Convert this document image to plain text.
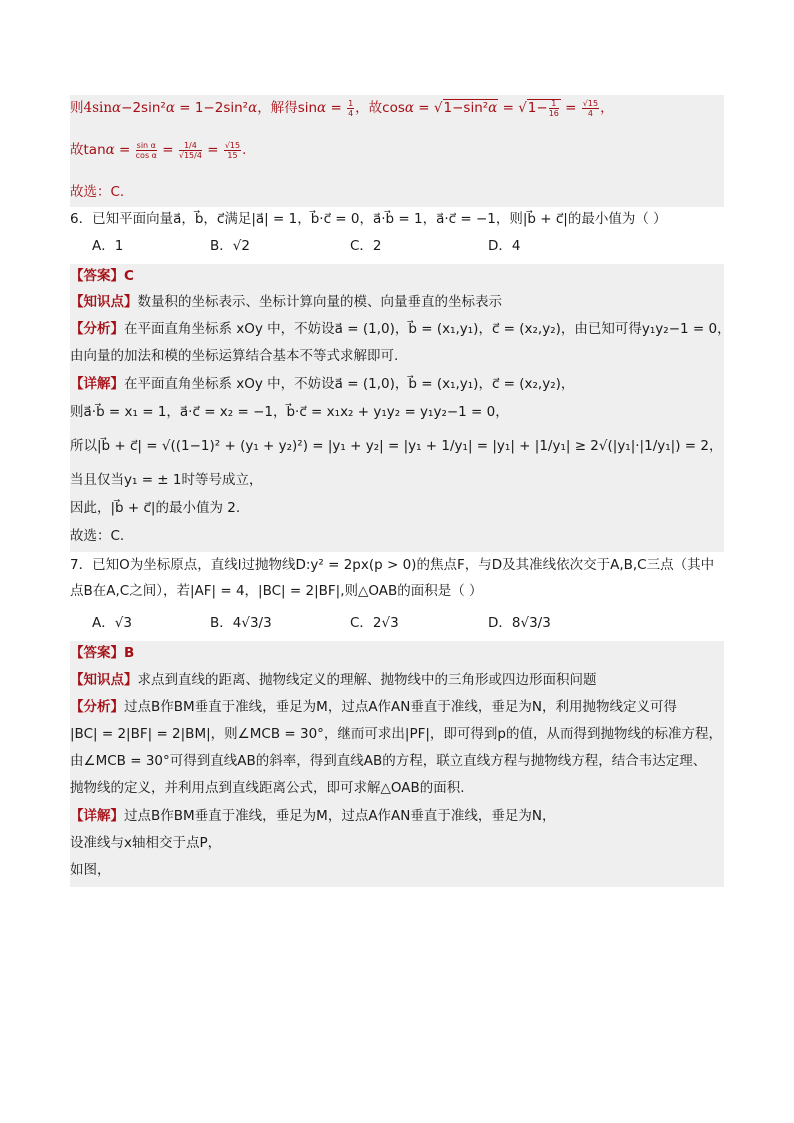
则4sinα−2sin²α = 1−2sin²α，解得$\sin\alpha = \frac{1}{4}$ ，故$\cos\alpha = √1-\sin^2\alpha = √1- \frac{1}{16} = \frac{√15}{4}$ ，
故$\tan\alpha = \frac{\text{sin α}}{\text{cos α}} = \frac{1/4}{√15/4} = \frac{√15}{15}$ .
故选：C.
6．已知平面向量a⃗，b⃗，c⃗满足|a⃗| = 1，b⃗·c⃗ = 0，a⃗·b⃗ = 1，a⃗·c⃗ = −1，则|b⃗ + c⃗|的最小值为（ ）
A．1	B．√2	C．2	D．4
【答案】C
【知识点】数量积的坐标表示、坐标计算向量的模、向量垂直的坐标表示
【分析】在平面直角坐标系 xOy 中，不妨设a⃗ = (1,0)，b⃗ = (x₁,y₁)，c⃗ = (x₂,y₂)，由已知可得y₁y₂−1 = 0，
由向量的加法和模的坐标运算结合基本不等式求解即可.
【详解】在平面直角坐标系 xOy 中，不妨设a⃗ = (1,0)，b⃗ = (x₁,y₁)，c⃗ = (x₂,y₂)，
则a⃗·b⃗ = x₁ = 1，a⃗·c⃗ = x₂ = −1，b⃗·c⃗ = x₁x₂ + y₁y₂ = y₁y₂−1 = 0，
所以|b⃗ + c⃗| = √((1−1)² + (y₁ + y₂)²) = |y₁ + y₂| = |y₁ + 1/y₁| = |y₁| + |1/y₁| ≥ 2√(|y₁|·|1/y₁|) = 2，
当且仅当y₁ = ± 1时等号成立，
因此，|b⃗ + c⃗|的最小值为 2.
故选：C.
7．已知O为坐标原点，直线l过抛物线D:y² = 2px(p > 0)的焦点F，与D及其准线依次交于A,B,C三点（其中
点B在A,C之间），若|AF| = 4，|BC| = 2|BF|,则△OAB的面积是（ ）
A．√3	B．4√3/3	C．2√3	D．8√3/3
【答案】B
【知识点】求点到直线的距离、抛物线定义的理解、抛物线中的三角形或四边形面积问题
【分析】过点B作BM垂直于准线，垂足为M，过点A作AN垂直于准线，垂足为N，利用抛物线定义可得
|BC| = 2|BF| = 2|BM|，则∠MCB = 30°，继而可求出|PF|，即可得到p的值，从而得到抛物线的标准方程，
由∠MCB = 30°可得到直线AB的斜率，得到直线AB的方程，联立直线方程与抛物线方程，结合韦达定理、
抛物线的定义，并利用点到直线距离公式，即可求解△OAB的面积.
【详解】过点B作BM垂直于准线，垂足为M，过点A作AN垂直于准线，垂足为N，
设准线与x轴相交于点P，
如图，
